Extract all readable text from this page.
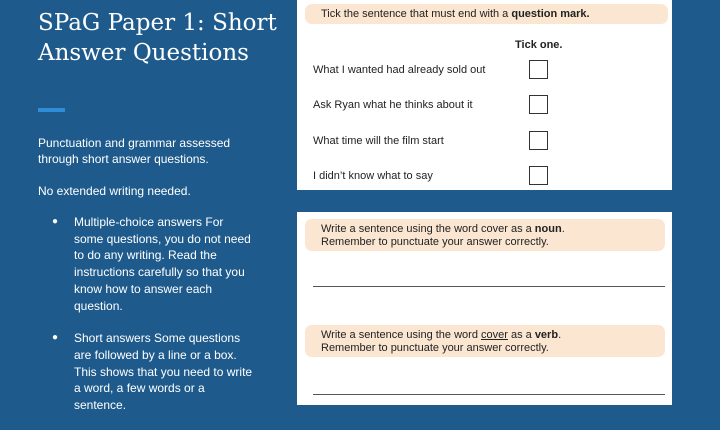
SPaG Paper 1: Short Answer Questions
Punctuation and grammar assessed through short answer questions.
No extended writing needed.
● Multiple-choice answers For some questions, you do not need to do any writing. Read the instructions carefully so that you know how to answer each question.
● Short answers Some questions are followed by a line or a box. This shows that you need to write a word, a few words or a sentence.
Tick the sentence that must end with a question mark.
Tick one.
What I wanted had already sold out
Ask Ryan what he thinks about it
What time will the film start
I didn’t know what to say
Write a sentence using the word cover as a noun.
Remember to punctuate your answer correctly.
Write a sentence using the word cover as a verb.
Remember to punctuate your answer correctly.
